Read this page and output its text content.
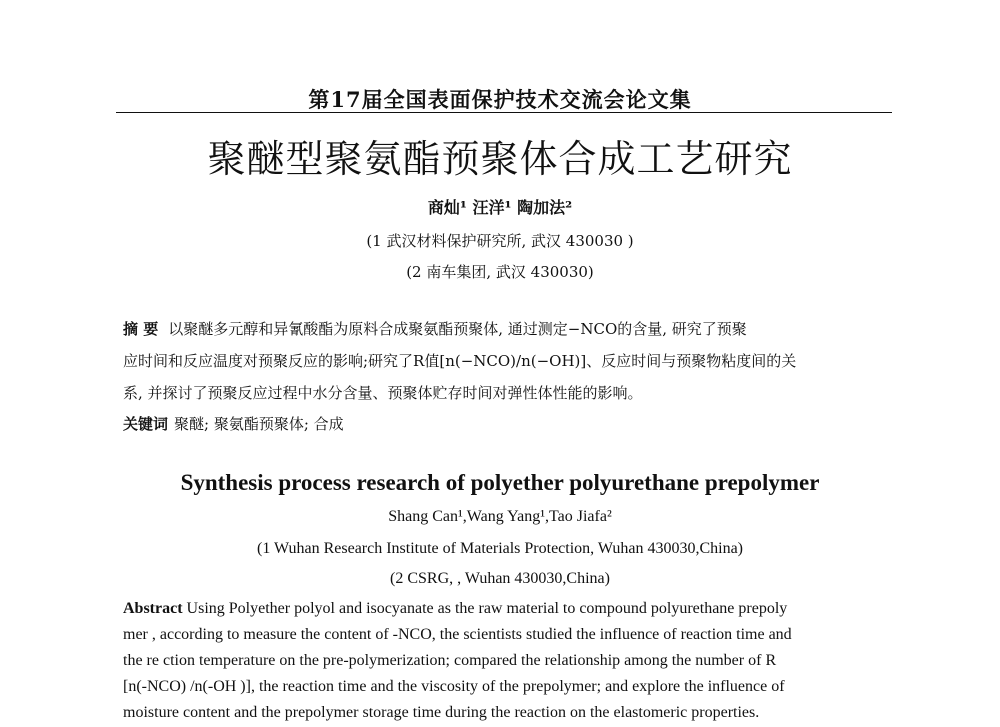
第17届全国表面保护技术交流会论文集
聚醚型聚氨酯预聚体合成工艺研究
商灿¹ 汪洋¹ 陶加法²
(1 武汉材料保护研究所, 武汉 430030 )
(2 南车集团, 武汉 430030)
摘 要 以聚醚多元醇和异氰酸酯为原料合成聚氨酯预聚体, 通过测定−NCO的含量, 研究了预聚
应时间和反应温度对预聚反应的影响;研究了R值[n(−NCO)/n(−OH)]、反应时间与预聚物粘度间的关
系, 并探讨了预聚反应过程中水分含量、预聚体贮存时间对弹性体性能的影响。
关键词 聚醚; 聚氨酯预聚体; 合成
Synthesis process research of polyether polyurethane prepolymer
Shang Can¹,Wang Yang¹,Tao Jiafa²
(1 Wuhan Research Institute of Materials Protection, Wuhan 430030,China)
(2 CSRG, , Wuhan 430030,China)
Abstract Using Polyether polyol and isocyanate as the raw material to compound polyurethane prepoly
mer , according to measure the content of -NCO, the scientists studied the influence of reaction time and
the re ction temperature on the pre-polymerization; compared the relationship among the number of R
[n(-NCO) /n(-OH )], the reaction time and the viscosity of the prepolymer; and explore the influence of
moisture content and the prepolymer storage time during the reaction on the elastomeric properties.
